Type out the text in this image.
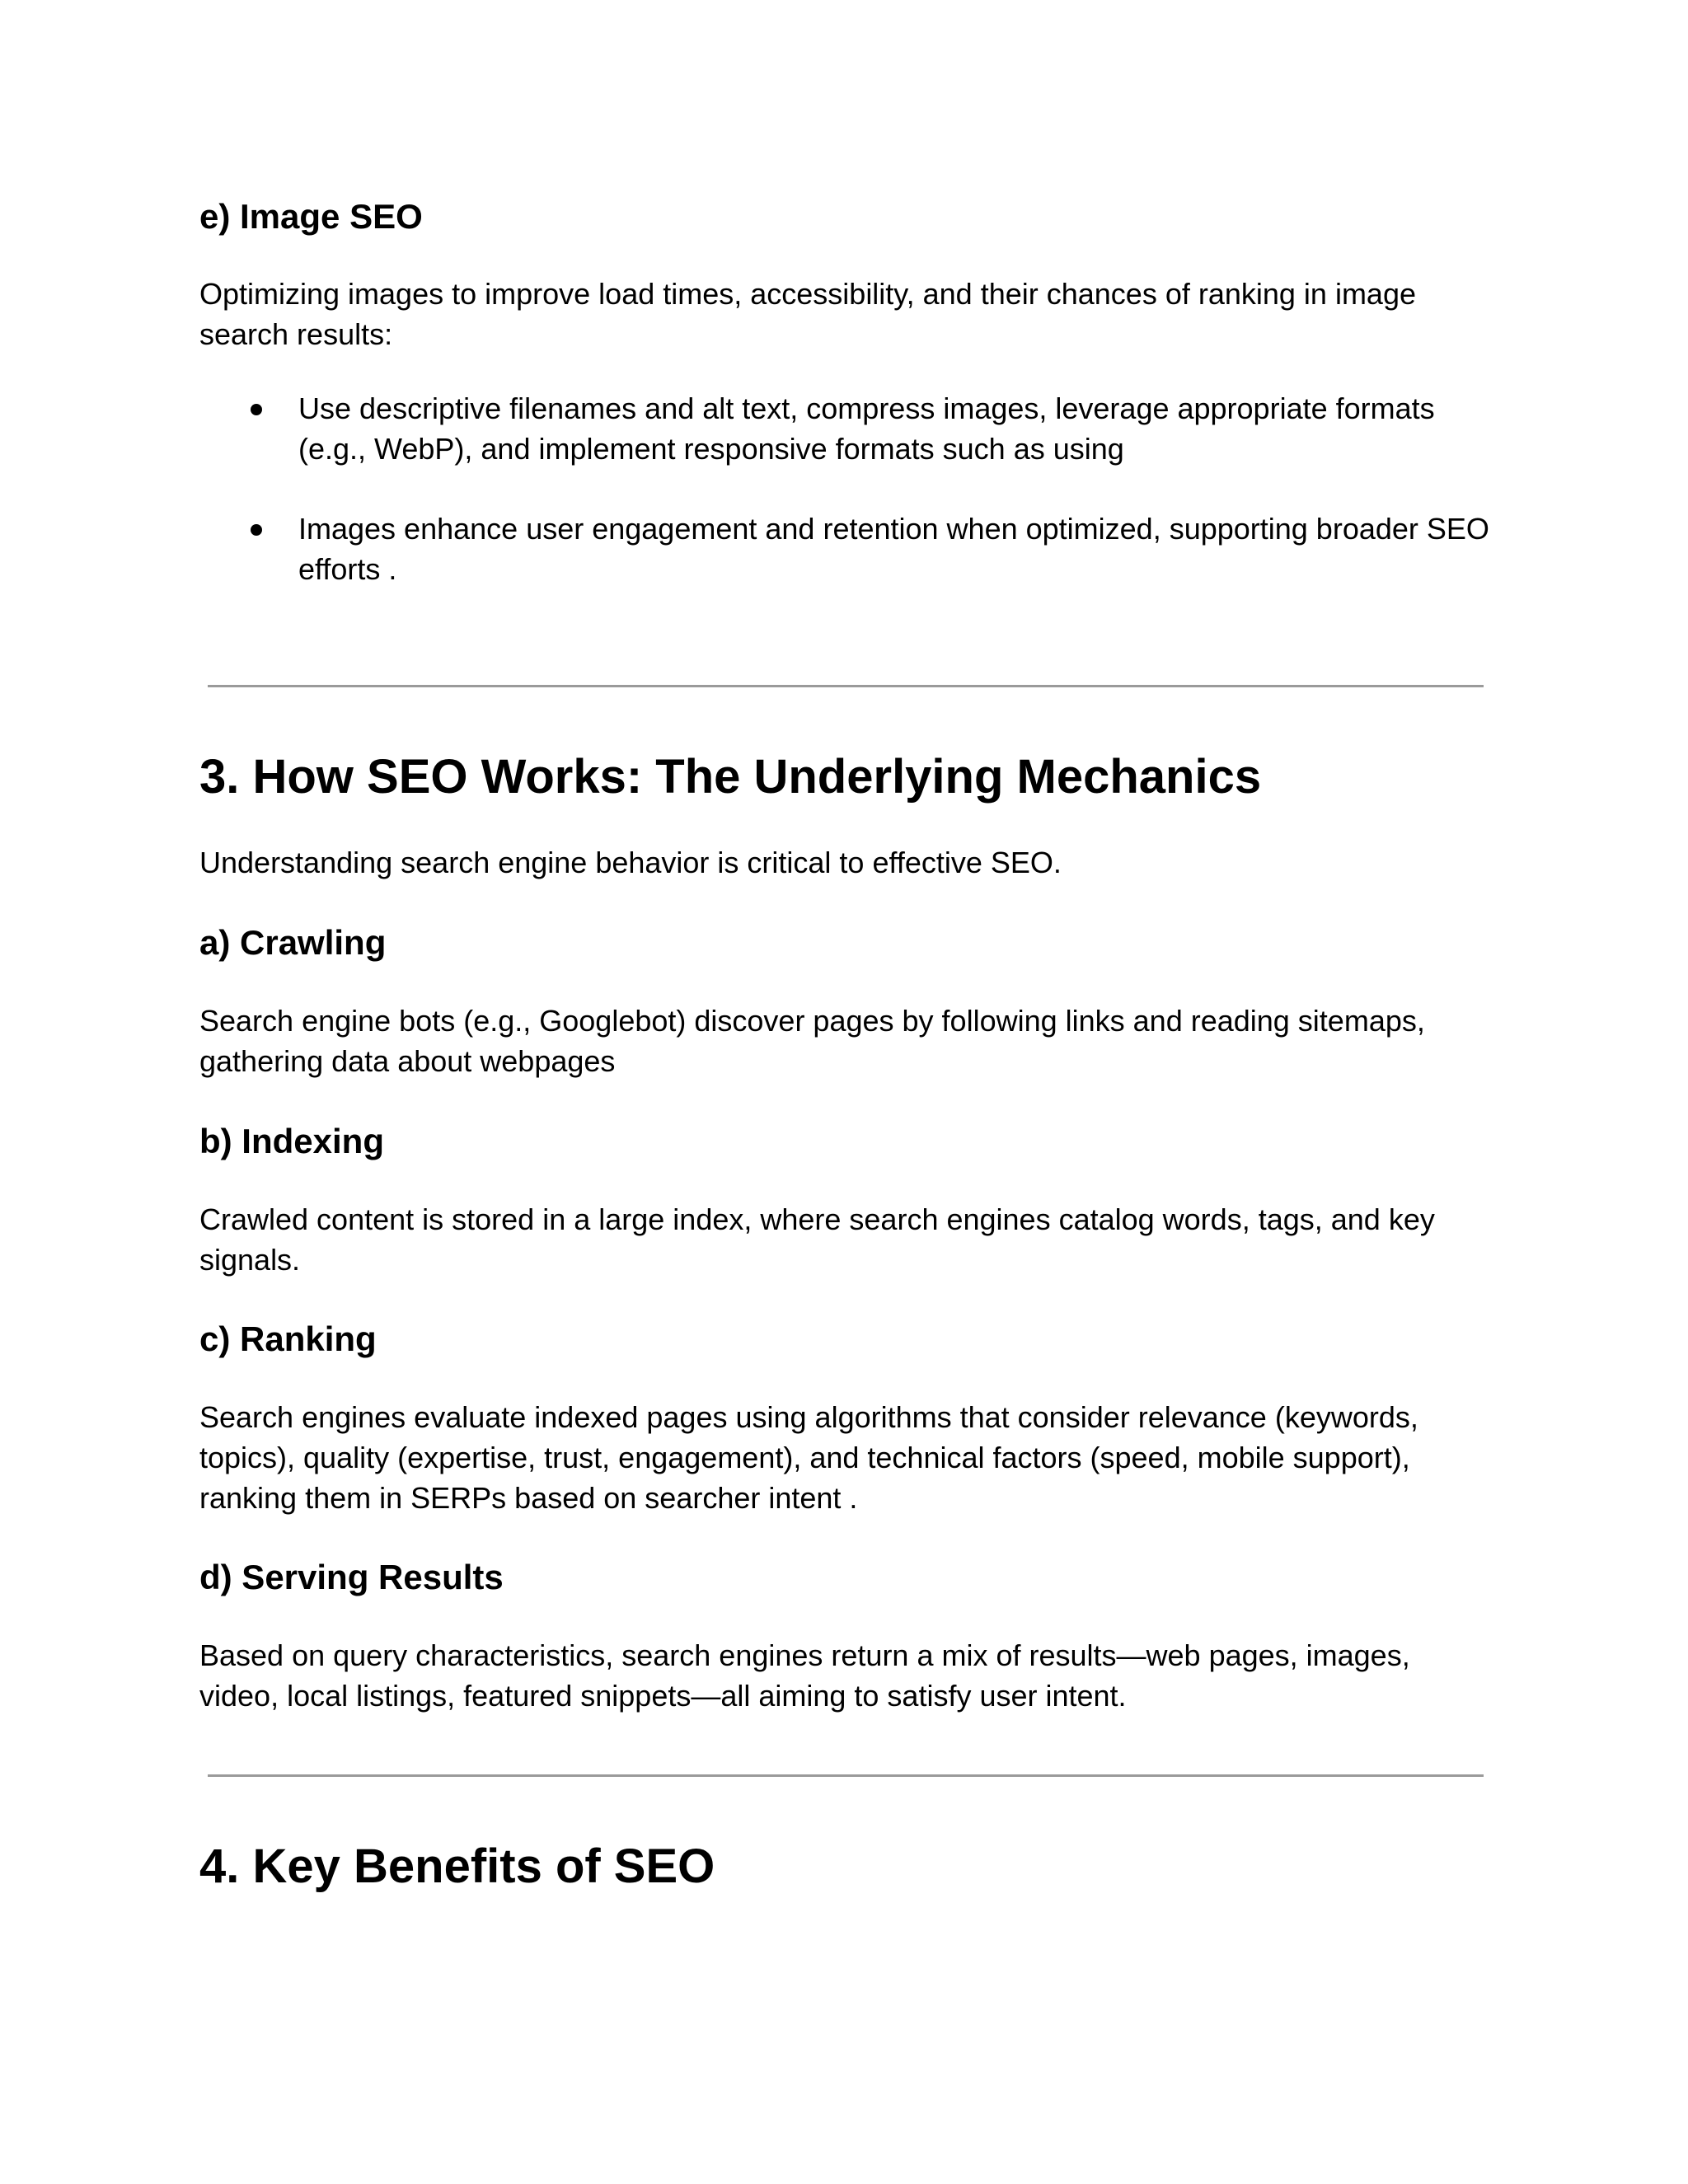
e) Image SEO

Optimizing images to improve load times, accessibility, and their chances of ranking in image search results:

Use descriptive filenames and alt text, compress images, leverage appropriate formats (e.g., WebP), and implement responsive formats such as using
Images enhance user engagement and retention when optimized, supporting broader SEO efforts .
3. How SEO Works: The Underlying Mechanics

Understanding search engine behavior is critical to effective SEO.

a) Crawling

Search engine bots (e.g., Googlebot) discover pages by following links and reading sitemaps, gathering data about webpages

b) Indexing

Crawled content is stored in a large index, where search engines catalog words, tags, and key signals.

c) Ranking

Search engines evaluate indexed pages using algorithms that consider relevance (keywords, topics), quality (expertise, trust, engagement), and technical factors (speed, mobile support), ranking them in SERPs based on searcher intent .

d) Serving Results

Based on query characteristics, search engines return a mix of results—web pages, images, video, local listings, featured snippets—all aiming to satisfy user intent.

4. Key Benefits of SEO
